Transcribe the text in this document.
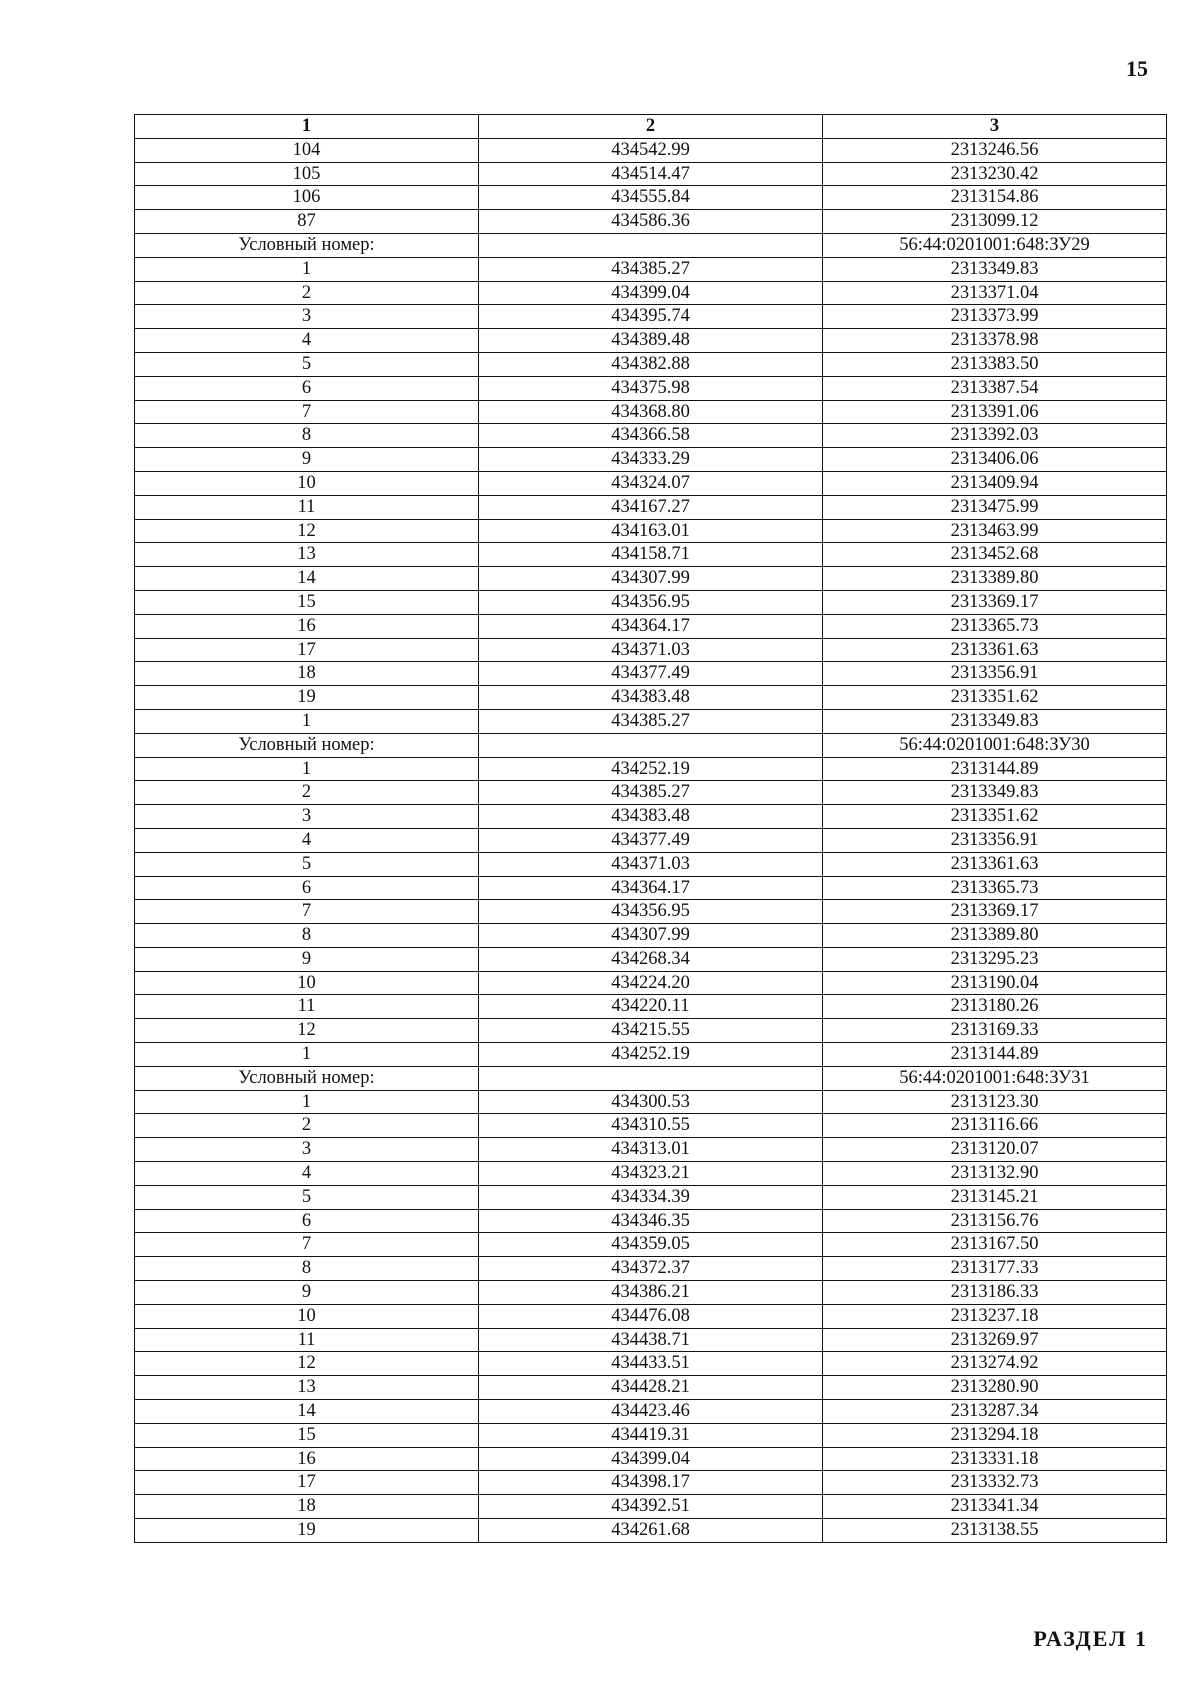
15
1	2	3
104	434542.99	2313246.56
105	434514.47	2313230.42
106	434555.84	2313154.86
87	434586.36	2313099.12
Условный номер:		56:44:0201001:648:ЗУ29
1	434385.27	2313349.83
2	434399.04	2313371.04
3	434395.74	2313373.99
4	434389.48	2313378.98
5	434382.88	2313383.50
6	434375.98	2313387.54
7	434368.80	2313391.06
8	434366.58	2313392.03
9	434333.29	2313406.06
10	434324.07	2313409.94
11	434167.27	2313475.99
12	434163.01	2313463.99
13	434158.71	2313452.68
14	434307.99	2313389.80
15	434356.95	2313369.17
16	434364.17	2313365.73
17	434371.03	2313361.63
18	434377.49	2313356.91
19	434383.48	2313351.62
1	434385.27	2313349.83
Условный номер:		56:44:0201001:648:ЗУ30
1	434252.19	2313144.89
2	434385.27	2313349.83
3	434383.48	2313351.62
4	434377.49	2313356.91
5	434371.03	2313361.63
6	434364.17	2313365.73
7	434356.95	2313369.17
8	434307.99	2313389.80
9	434268.34	2313295.23
10	434224.20	2313190.04
11	434220.11	2313180.26
12	434215.55	2313169.33
1	434252.19	2313144.89
Условный номер:		56:44:0201001:648:ЗУ31
1	434300.53	2313123.30
2	434310.55	2313116.66
3	434313.01	2313120.07
4	434323.21	2313132.90
5	434334.39	2313145.21
6	434346.35	2313156.76
7	434359.05	2313167.50
8	434372.37	2313177.33
9	434386.21	2313186.33
10	434476.08	2313237.18
11	434438.71	2313269.97
12	434433.51	2313274.92
13	434428.21	2313280.90
14	434423.46	2313287.34
15	434419.31	2313294.18
16	434399.04	2313331.18
17	434398.17	2313332.73
18	434392.51	2313341.34
19	434261.68	2313138.55
РАЗДЕЛ 1
